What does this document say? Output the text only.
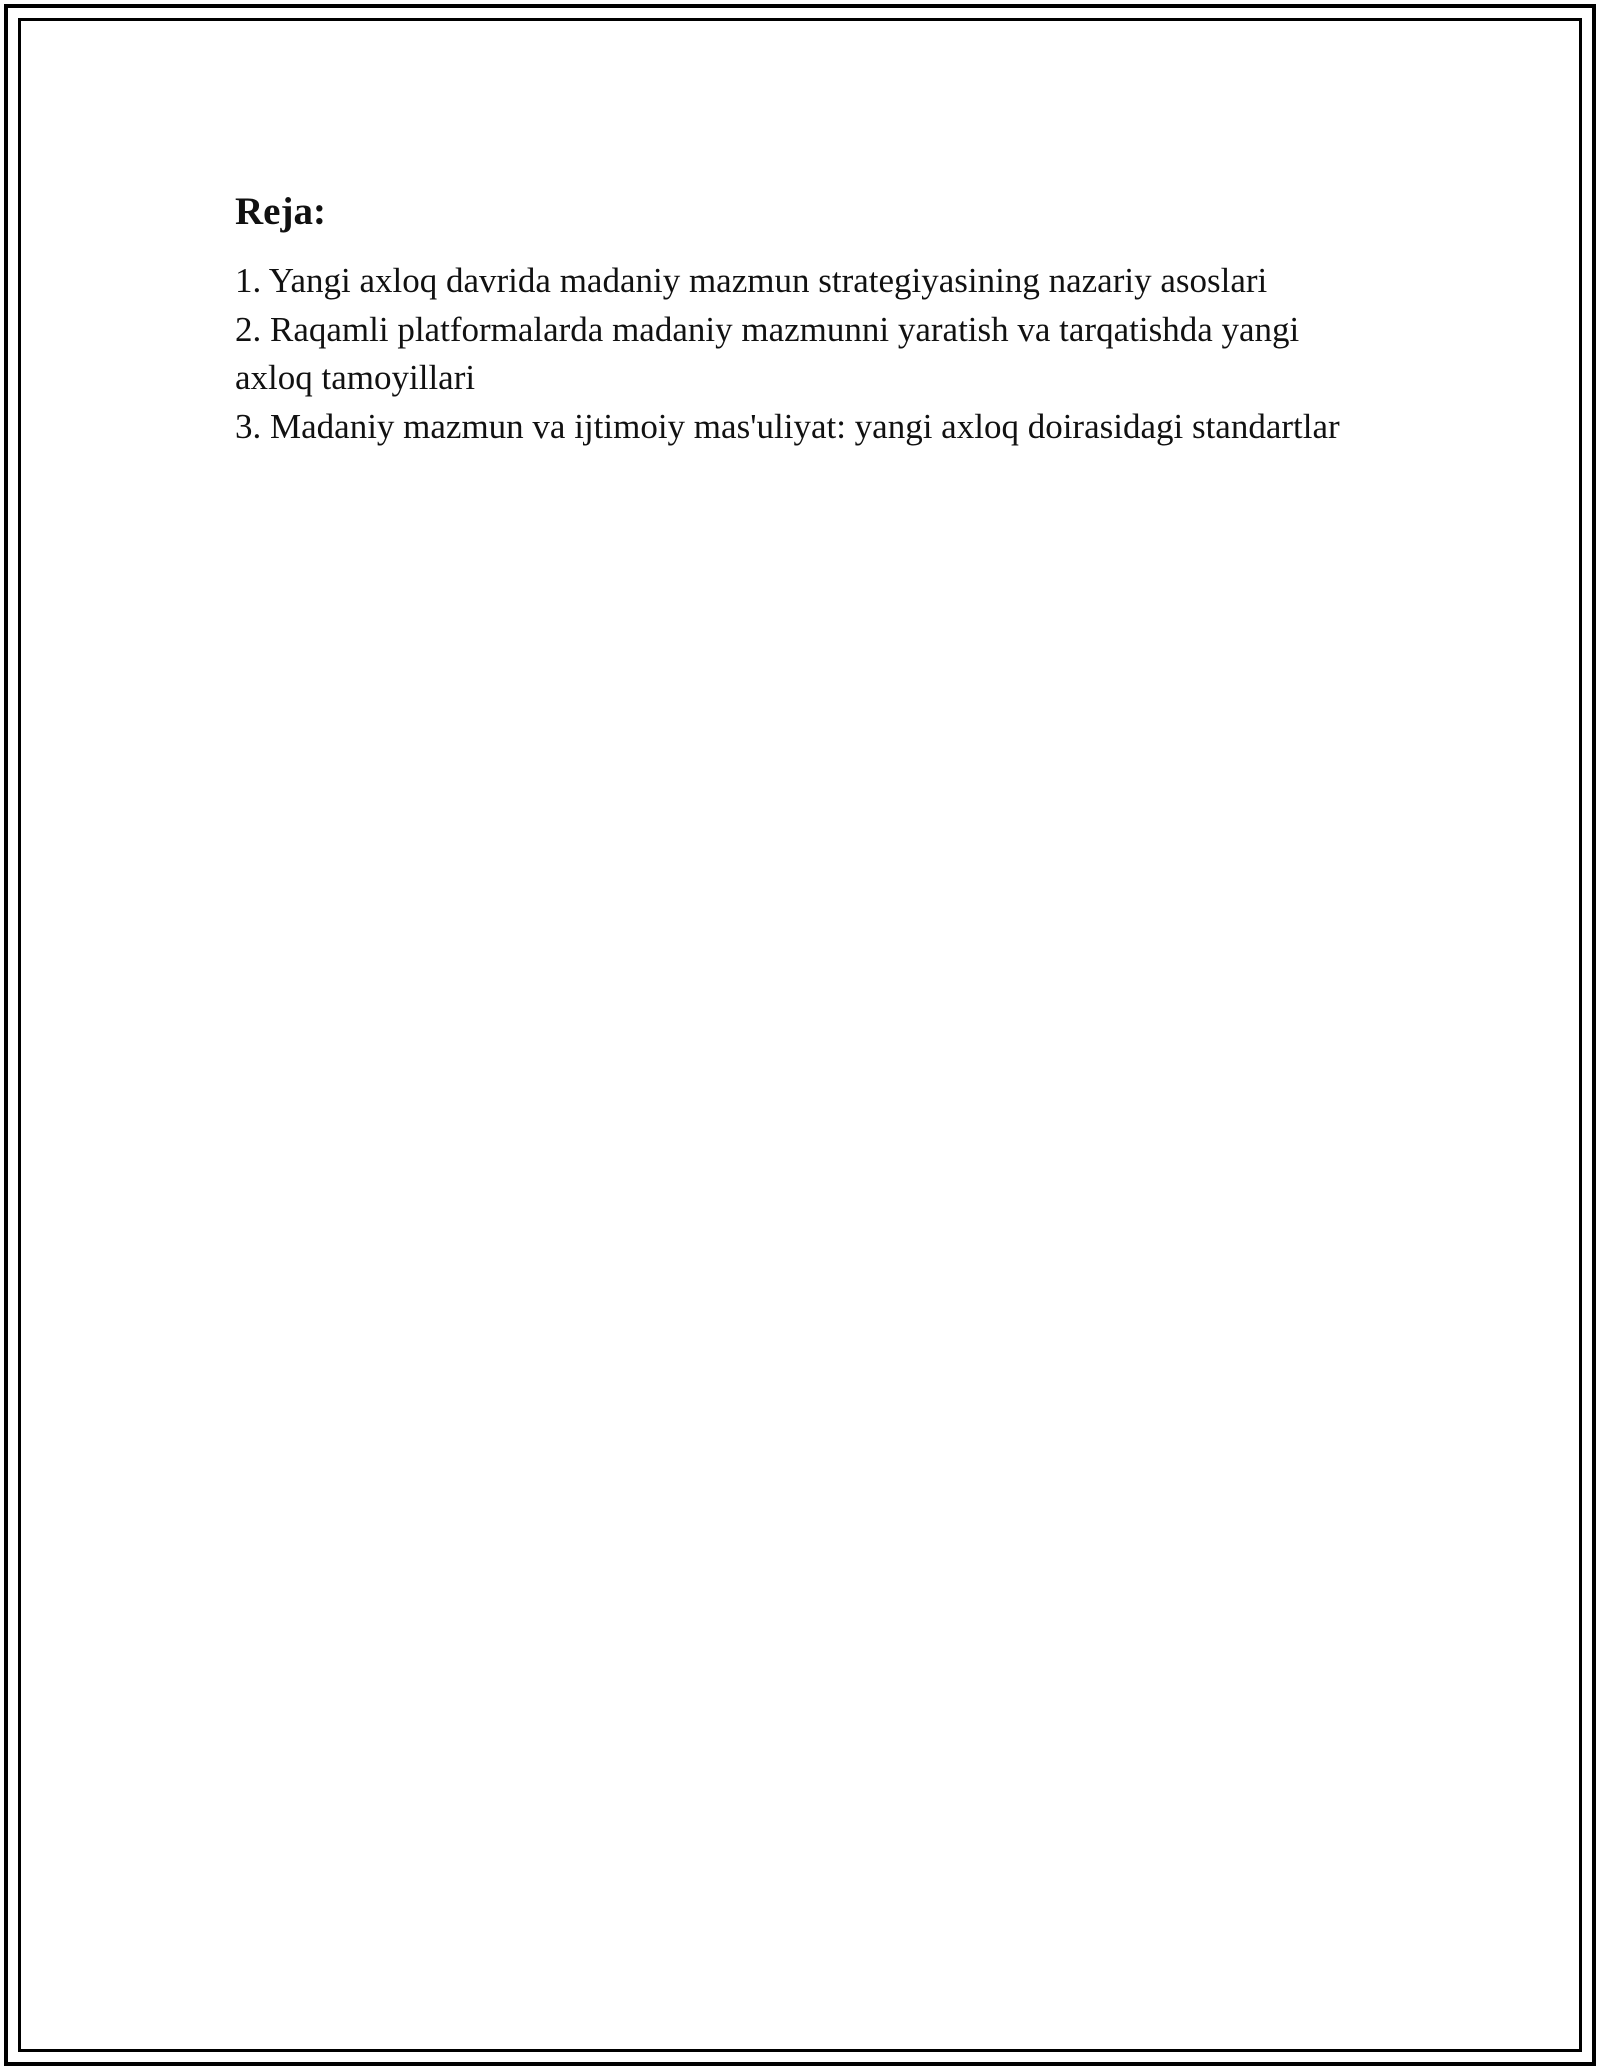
Reja:
1. Yangi axloq davrida madaniy mazmun strategiyasining nazariy asoslari
2. Raqamli platformalarda madaniy mazmunni yaratish va tarqatishda yangi axloq tamoyillari
3. Madaniy mazmun va ijtimoiy mas'uliyat: yangi axloq doirasidagi standartlar
